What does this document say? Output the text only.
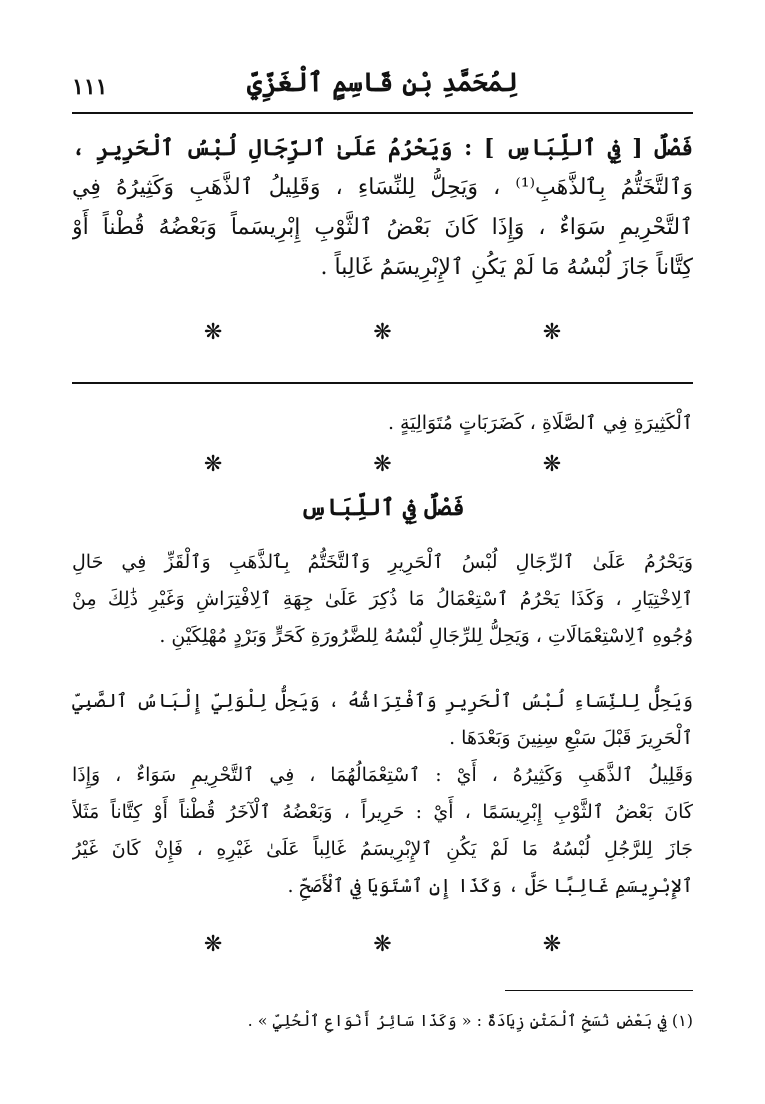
١١١	لِمُحَمَّدِ بْنِ قَاسِمٍ ٱلْغَزِّيِّ
فَصْلٌ [ فِي ٱللِّبَاسِ ] : وَيَحْرُمُ عَلَىٰ ٱلرِّجَالِ لُبْسُ ٱلْحَرِيرِ ،
وَٱلتَّخَتُّمُ بِٱلذَّهَبِ⁽¹⁾ ، وَيَحِلُّ لِلنِّسَاءِ ، وَقَلِيلُ ٱلذَّهَبِ وَكَثِيرُهُ فِي
ٱلتَّحْرِيمِ سَوَاءٌ ، وَإِذَا كَانَ بَعْضُ ٱلثَّوْبِ إِبْرِيسَماً وَبَعْضُهُ قُطْناً أَوْ
كِتَّاناً جَازَ لُبْسُهُ مَا لَمْ يَكُنِ ٱلإِبْرِيسَمُ غَالِباً .
❋ ❋ ❋
ٱلْكَثِيرَةِ فِي ٱلصَّلَاةِ ، كَضَرَبَاتٍ مُتَوَالِيَةٍ .
❋ ❋ ❋
فَصْلٌ فِي ٱللِّبَاسِ
وَيَحْرُمُ عَلَىٰ ٱلرِّجَالِ لُبْسُ ٱلْحَرِيرِ وَٱلتَّخَتُّمُ بِٱلذَّهَبِ وَٱلْقَزِّ فِي حَالِ
ٱلِاخْتِيَارِ ، وَكَذَا يَحْرُمُ ٱسْتِعْمَالُ مَا ذُكِرَ عَلَىٰ جِهَةِ ٱلِافْتِرَاشِ وَغَيْرِ ذَٰلِكَ مِنْ
وُجُوهِ ٱلِاسْتِعْمَالَاتِ ، وَيَحِلُّ لِلرِّجَالِ لُبْسُهُ لِلضَّرُورَةِ كَحَرٍّ وَبَرْدٍ مُهْلِكَيْنِ .
وَيَحِلُّ لِلنِّسَاءِ لُبْسُ ٱلْحَرِيرِ وَٱفْتِرَاشُهُ ، وَيَحِلُّ لِلْوَلِيِّ إِلْبَاسُ ٱلصَّبِيِّ
ٱلْحَرِيرَ قَبْلَ سَبْعِ سِنِينَ وَبَعْدَهَا .
وَقَلِيلُ ٱلذَّهَبِ وَكَثِيرُهُ ، أَيْ : ٱسْتِعْمَالُهُمَا ، فِي ٱلتَّحْرِيمِ سَوَاءٌ ، وَإِذَا
كَانَ بَعْضُ ٱلثَّوْبِ إِبْرِيسَمًا ، أَيْ : حَرِيراً ، وَبَعْضُهُ ٱلْآخَرُ قُطْناً أَوْ كِتَّاناً مَثَلاً
جَازَ لِلرَّجُلِ لُبْسُهُ مَا لَمْ يَكُنِ ٱلإِبْرِيسَمُ غَالِباً عَلَىٰ غَيْرِهِ ، فَإِنْ كَانَ غَيْرُ
ٱلإِبْرِيسَمِ غَالِبًا حَلَّ ، وَكَذَا إِنِ ٱسْتَوَيَا فِي ٱلْأَصَحِّ .
❋ ❋ ❋
(١) فِي بَعْضِ نُسَخِ ٱلْمَتْنِ زِيَادَةٌ : « وَكَذَا سَائِرُ أَنْوَاعِ ٱلْحُلِيِّ » .
